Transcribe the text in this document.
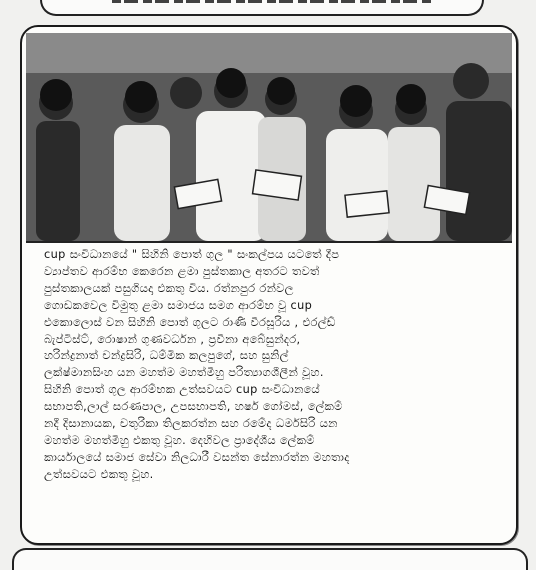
cup සංවිධානයේ " සිහිනි පොත් ගුල " සංකල්පය යටතේ දීප
ව්‍යාප්තව ආරම්භ කෙරෙන ළමා පුස්තකාල අතරට තවත්
පුස්තකාලයක් පසුගියදා එකතු විය. රත්නපුර රන්වල
ගොඩකවෙල විමුතු ළමා සමාජය සමග ආරම්භ වූ cup
එකොලොස් වන සිහිනි පොත් ගුලට රාණි වීරසූරිය , එරල්ඩ්
බැප්ටිස්ට්, රොෂාන් ගුණවර්ධන , ප්‍රවීනා අබේසුන්දර,
හරින්ද්‍රනාත් චන්ද්‍රසිරි, ධම්මික කලපුගේ, සහ සුනිල්
ලක්ෂ්මානසිංහ යන මහත්ම මහත්මීහු පරිත්‍යාගශීලීන් වූහ.

සිහිනි පොත් ගුල ආරම්භක උත්සවයට cup සංවිධානයේ
සභාපති,ලාල් සරණපාල, උපසභාපති, හර්ෂ ගෝමස්, ලේකම්
නදී දිසානායක, චතුරිකා තිලකරත්න සහ රමේද ධර්මසිරි යන
මහත්ම මහත්මීහු එකතු වූහ. දෙහිවල ප්‍රාදේශීය ලේකම්
කාර්යාලයේ සමාජ සේවා නිලධාරී වසන්ත සේනාරත්න මහතාද
උත්සවයට එකතු වූහ.
